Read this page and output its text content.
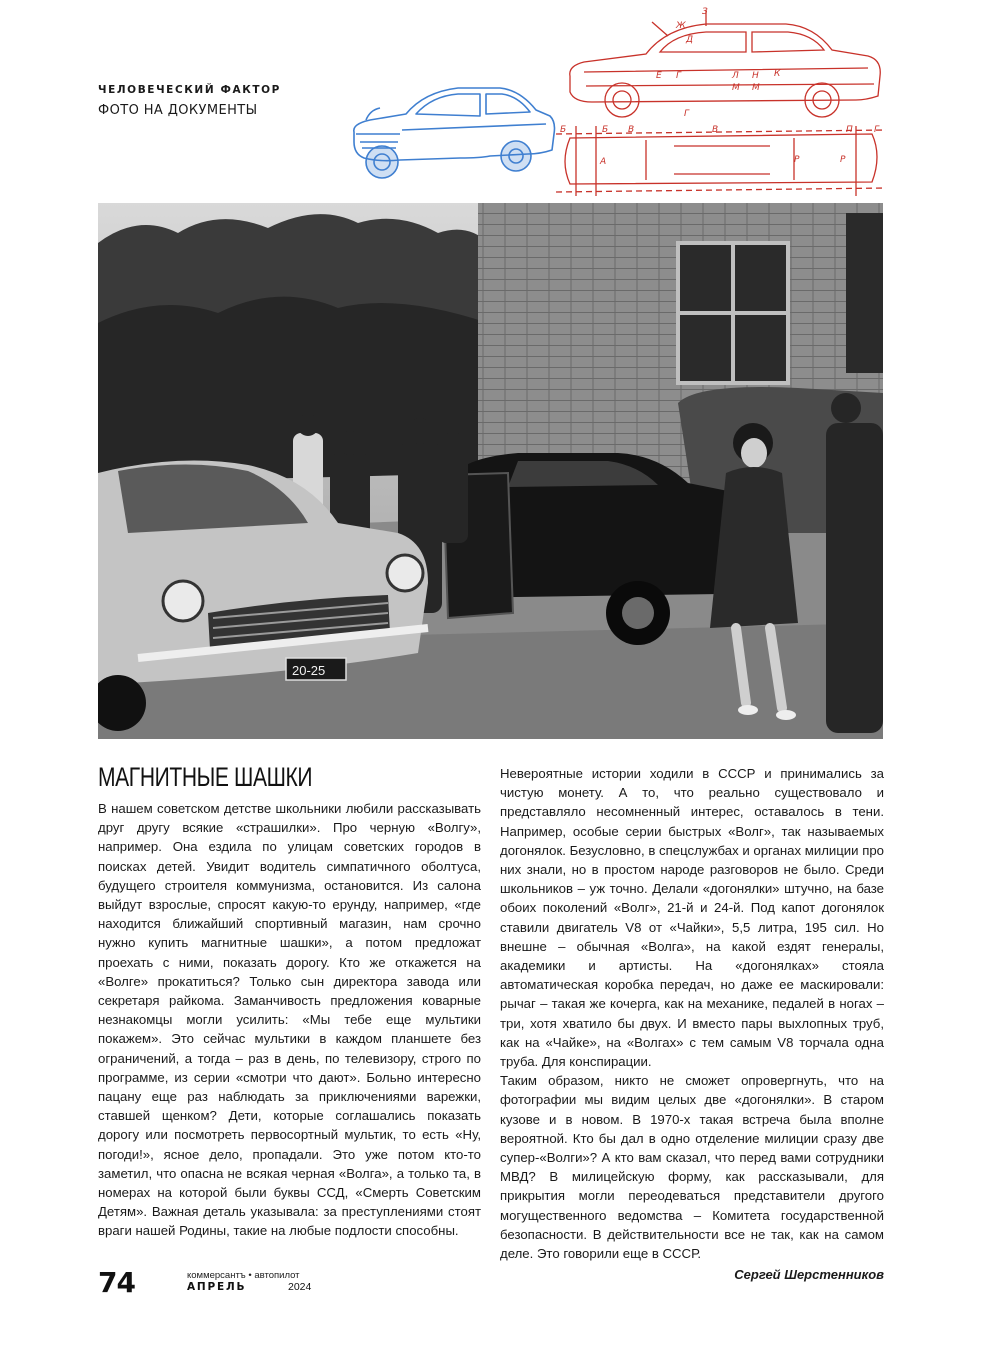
ЧЕЛОВЕЧЕСКИЙ ФАКТОР
ФОТО НА ДОКУМЕНТЫ
З
Ж
Д
Е Г	Л Н
М М
К
Г
Б	Б В	В	П Г
А	Р	Р
20-25
МАГНИТНЫЕ ШАШКИ

В нашем советском детстве школьники любили рассказывать друг другу всякие «страшилки». Про черную «Волгу», например. Она ездила по улицам советских городов в поисках детей. Увидит водитель симпатичного оболтуса, будущего строителя коммунизма, остановится. Из салона выйдут взрослые, спросят какую-то ерунду, например, «где находится ближайший спортивный магазин, нам срочно нужно купить магнитные шашки», а потом предложат проехать с ними, показать дорогу. Кто же откажется на «Волге» прокатиться? Только сын директора завода или секретаря райкома. Заманчивость предложения коварные незнакомцы могли усилить: «Мы тебе еще мультики покажем». Это сейчас мультики в каждом планшете без ограничений, а тогда – раз в день, по телевизору, строго по программе, из серии «смотри что дают». Больно интересно пацану еще раз наблюдать за приключениями варежки, ставшей щенком? Дети, которые соглашались показать дорогу или посмотреть первосортный мультик, то есть «Ну, погоди!», ясное дело, пропадали. Это уже потом кто-то заметил, что опасна не всякая черная «Волга», а только та, в номерах на которой были буквы ССД, «Смерть Советским Детям». Важная деталь указывала: за преступлениями стоят враги нашей Родины, такие на любые подлости способны.

Невероятные истории ходили в СССР и принимались за чистую монету. А то, что реально существовало и представляло несомненный интерес, оставалось в тени. Например, особые серии быстрых «Волг», так называемых догонялок. Безусловно, в спецслужбах и органах милиции про них знали, но в простом народе разговоров не было. Среди школьников – уж точно. Делали «догонялки» штучно, на базе обоих поколений «Волг», 21-й и 24-й. Под капот догонялок ставили двигатель V8 от «Чайки», 5,5 литра, 195 сил. Но внешне – обычная «Волга», на какой ездят генералы, академики и артисты. На «догонялках» стояла автоматическая коробка передач, но даже ее маскировали: рычаг – такая же кочерга, как на механике, педалей в ногах – три, хотя хватило бы двух. И вместо пары выхлопных труб, как на «Чайке», на «Волгах» с тем самым V8 торчала одна труба. Для конспирации.

Таким образом, никто не сможет опровергнуть, что на фотографии мы видим целых две «догонялки». В старом кузове и в новом. В 1970-х такая встреча была вполне вероятной. Кто бы дал в одно отделение милиции сразу две супер-«Волги»? А кто вам сказал, что перед вами сотрудники МВД? В милицейскую форму, как рассказывали, для прикрытия могли переодеваться представители другого могущественного ведомства – Комитета государственной безопасности. В действительности все не так, как на самом деле. Это говорили еще в СССР.

Сергей Шерстенников

74	коммерсантъ • автопилот
АПРЕЛЬ	2024
